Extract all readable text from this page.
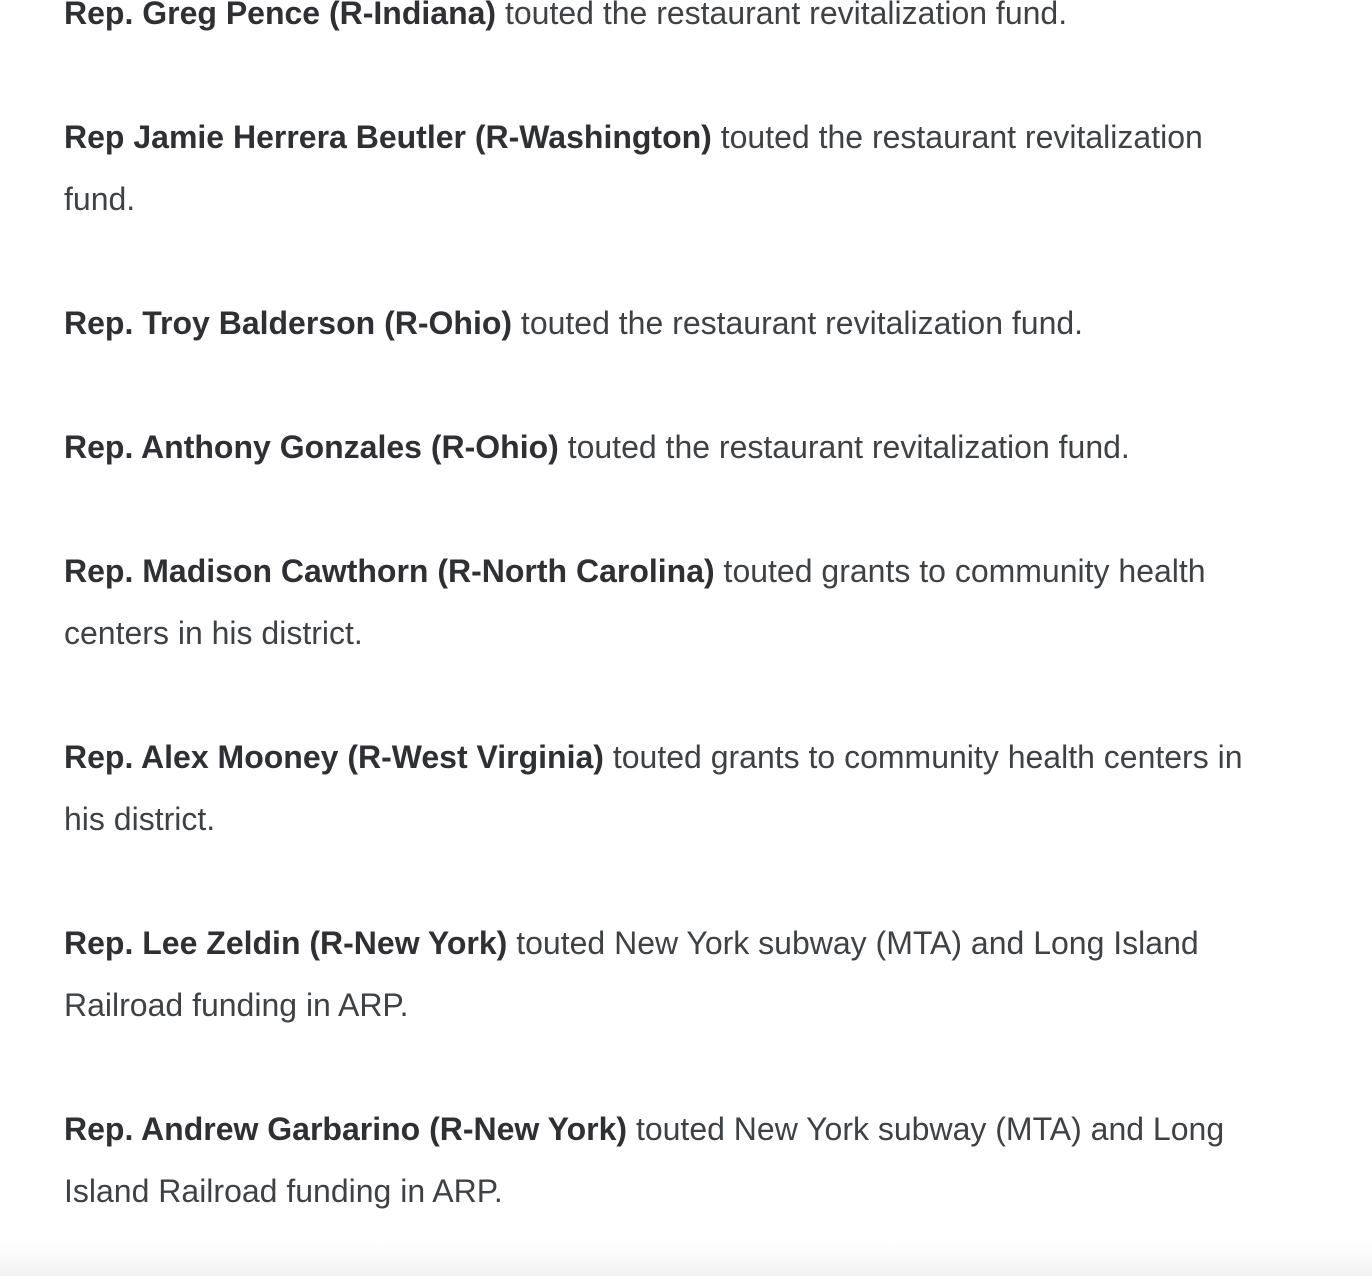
Rep. Greg Pence (R-Indiana) touted the restaurant revitalization fund.

Rep Jamie Herrera Beutler (R-Washington) touted the restaurant revitalization fund.

Rep. Troy Balderson (R-Ohio) touted the restaurant revitalization fund.

Rep. Anthony Gonzales (R-Ohio) touted the restaurant revitalization fund.

Rep. Madison Cawthorn (R-North Carolina) touted grants to community health centers in his district.

Rep. Alex Mooney (R-West Virginia) touted grants to community health centers in his district.

Rep. Lee Zeldin (R-New York) touted New York subway (MTA) and Long Island Railroad funding in ARP.

Rep. Andrew Garbarino (R-New York) touted New York subway (MTA) and Long Island Railroad funding in ARP.
